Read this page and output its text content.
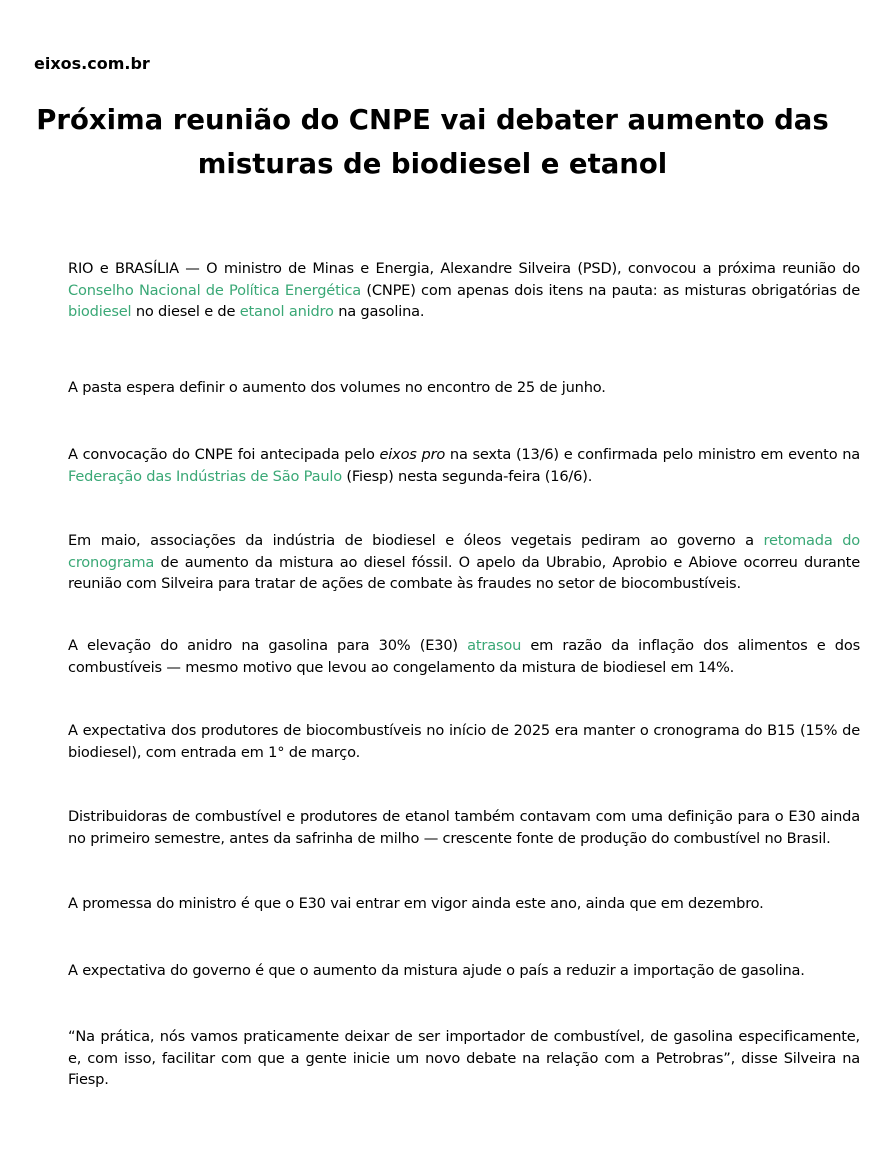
eixos.com.br
Próxima reunião do CNPE vai debater aumento das misturas de biodiesel e etanol

RIO e BRASÍLIA — O ministro de Minas e Energia, Alexandre Silveira (PSD), convocou a próxima reunião do Conselho Nacional de Política Energética (CNPE) com apenas dois itens na pauta: as misturas obrigatórias de biodiesel no diesel e de etanol anidro na gasolina.

A pasta espera definir o aumento dos volumes no encontro de 25 de junho.

A convocação do CNPE foi antecipada pelo eixos pro na sexta (13/6) e confirmada pelo ministro em evento na Federação das Indústrias de São Paulo (Fiesp) nesta segunda-feira (16/6).

Em maio, associações da indústria de biodiesel e óleos vegetais pediram ao governo a retomada do cronograma de aumento da mistura ao diesel fóssil. O apelo da Ubrabio, Aprobio e Abiove ocorreu durante reunião com Silveira para tratar de ações de combate às fraudes no setor de biocombustíveis.

A elevação do anidro na gasolina para 30% (E30) atrasou em razão da inflação dos alimentos e dos combustíveis — mesmo motivo que levou ao congelamento da mistura de biodiesel em 14%.

A expectativa dos produtores de biocombustíveis no início de 2025 era manter o cronograma do B15 (15% de biodiesel), com entrada em 1° de março.

Distribuidoras de combustível e produtores de etanol também contavam com uma definição para o E30 ainda no primeiro semestre, antes da safrinha de milho — crescente fonte de produção do combustível no Brasil.

A promessa do ministro é que o E30 vai entrar em vigor ainda este ano, ainda que em dezembro.

A expectativa do governo é que o aumento da mistura ajude o país a reduzir a importação de gasolina.

“Na prática, nós vamos praticamente deixar de ser importador de combustível, de gasolina especificamente, e, com isso, facilitar com que a gente inicie um novo debate na relação com a Petrobras”, disse Silveira na Fiesp.
